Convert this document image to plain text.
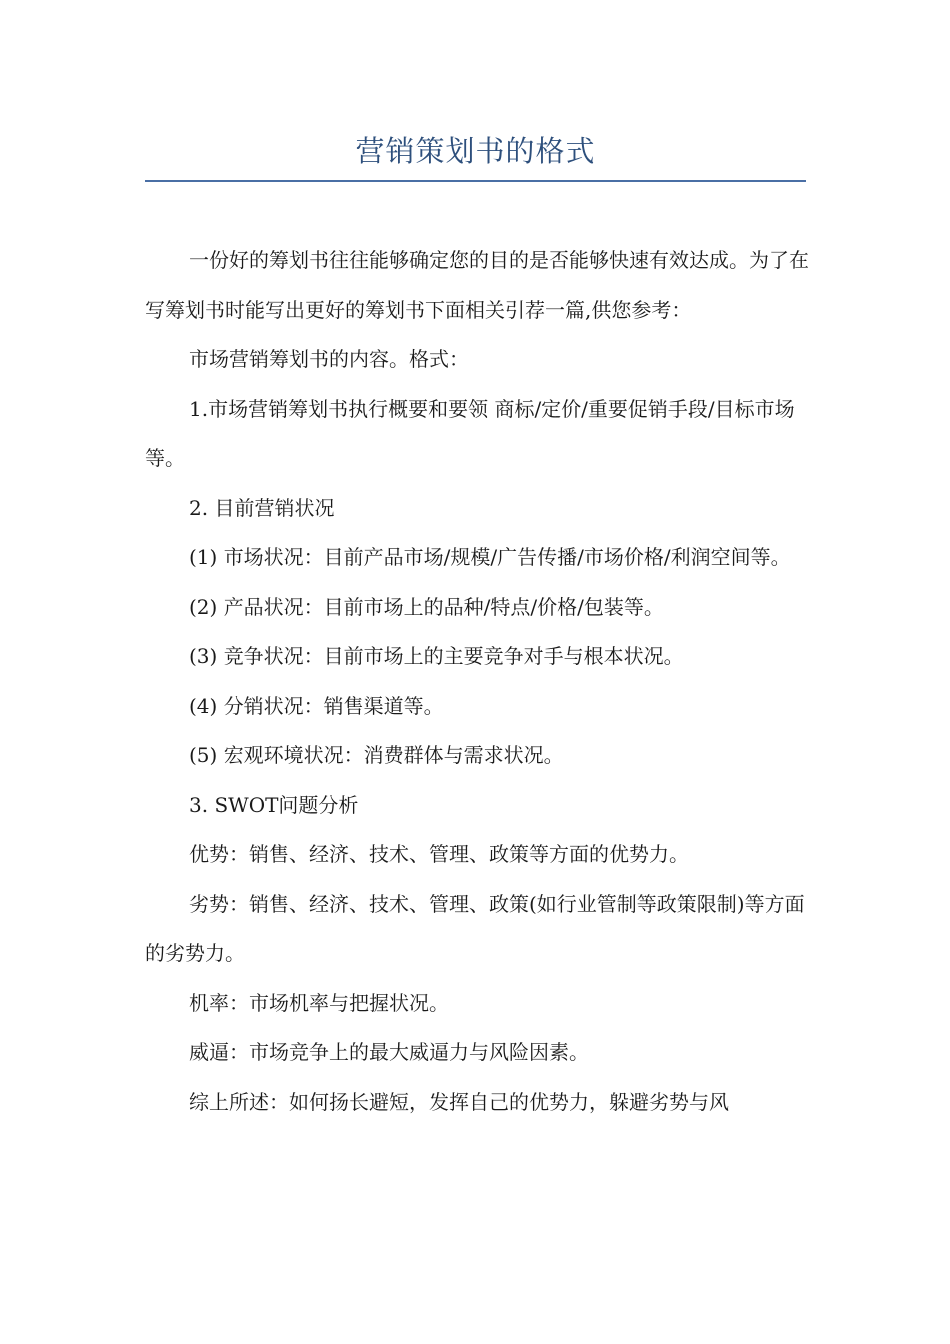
营销策划书的格式

一份好的筹划书往往能够确定您的目的是否能够快速有效达成。为了在写筹划书时能写出更好的筹划书下面相关引荐一篇,供您参考：

市场营销筹划书的内容。格式：

1.市场营销筹划书执行概要和要领 商标/定价/重要促销手段/目标市场等。

2. 目前营销状况

(1) 市场状况：目前产品市场/规模/广告传播/市场价格/利润空间等。

(2) 产品状况：目前市场上的品种/特点/价格/包装等。

(3) 竞争状况：目前市场上的主要竞争对手与根本状况。

(4) 分销状况：销售渠道等。

(5) 宏观环境状况：消费群体与需求状况。

3. SWOT问题分析

优势：销售、经济、技术、管理、政策等方面的优势力。

劣势：销售、经济、技术、管理、政策(如行业管制等政策限制)等方面的劣势力。

机率：市场机率与把握状况。

威逼：市场竞争上的最大威逼力与风险因素。

综上所述：如何扬长避短，发挥自己的优势力，躲避劣势与风
